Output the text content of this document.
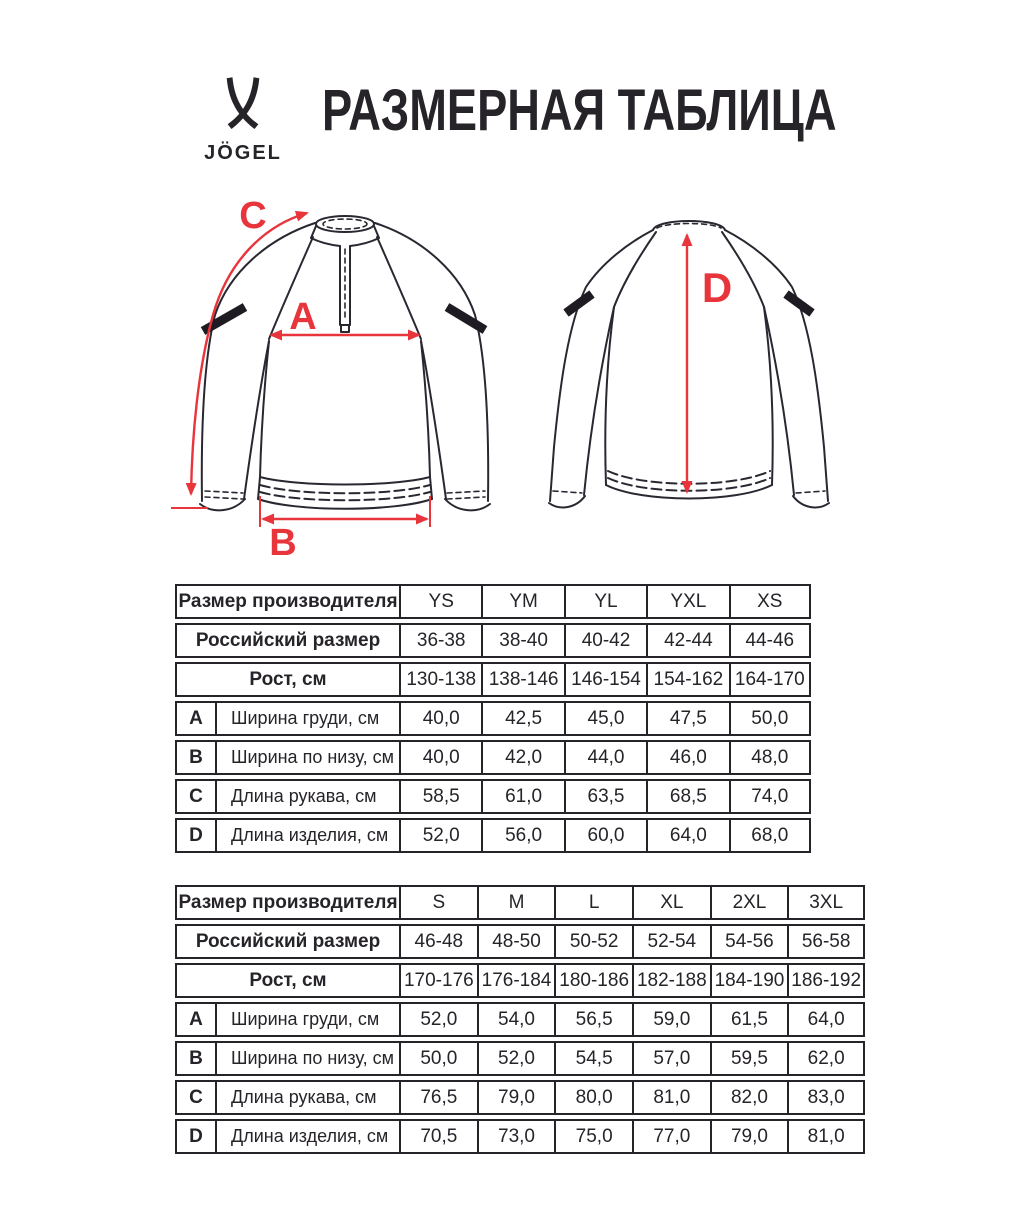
JÖGEL
РАЗМЕРНАЯ ТАБЛИЦА
A
B
C
D
Размер производителя		YS	YM	YL	YXL	XS
Российский размер		36-38	38-40	40-42	42-44	44-46
Рост, см		130-138	138-146	146-154	154-162	164-170
A	Ширина груди, см	40,0	42,5	45,0	47,5	50,0
B	Ширина по низу, см	40,0	42,0	44,0	46,0	48,0
C	Длина рукава, см	58,5	61,0	63,5	68,5	74,0
D	Длина изделия, см	52,0	56,0	60,0	64,0	68,0
Размер производителя		S	M	L	XL	2XL	3XL
Российский размер		46-48	48-50	50-52	52-54	54-56	56-58
Рост, см		170-176	176-184	180-186	182-188	184-190	186-192
A	Ширина груди, см	52,0	54,0	56,5	59,0	61,5	64,0
B	Ширина по низу, см	50,0	52,0	54,5	57,0	59,5	62,0
C	Длина рукава, см	76,5	79,0	80,0	81,0	82,0	83,0
D	Длина изделия, см	70,5	73,0	75,0	77,0	79,0	81,0
